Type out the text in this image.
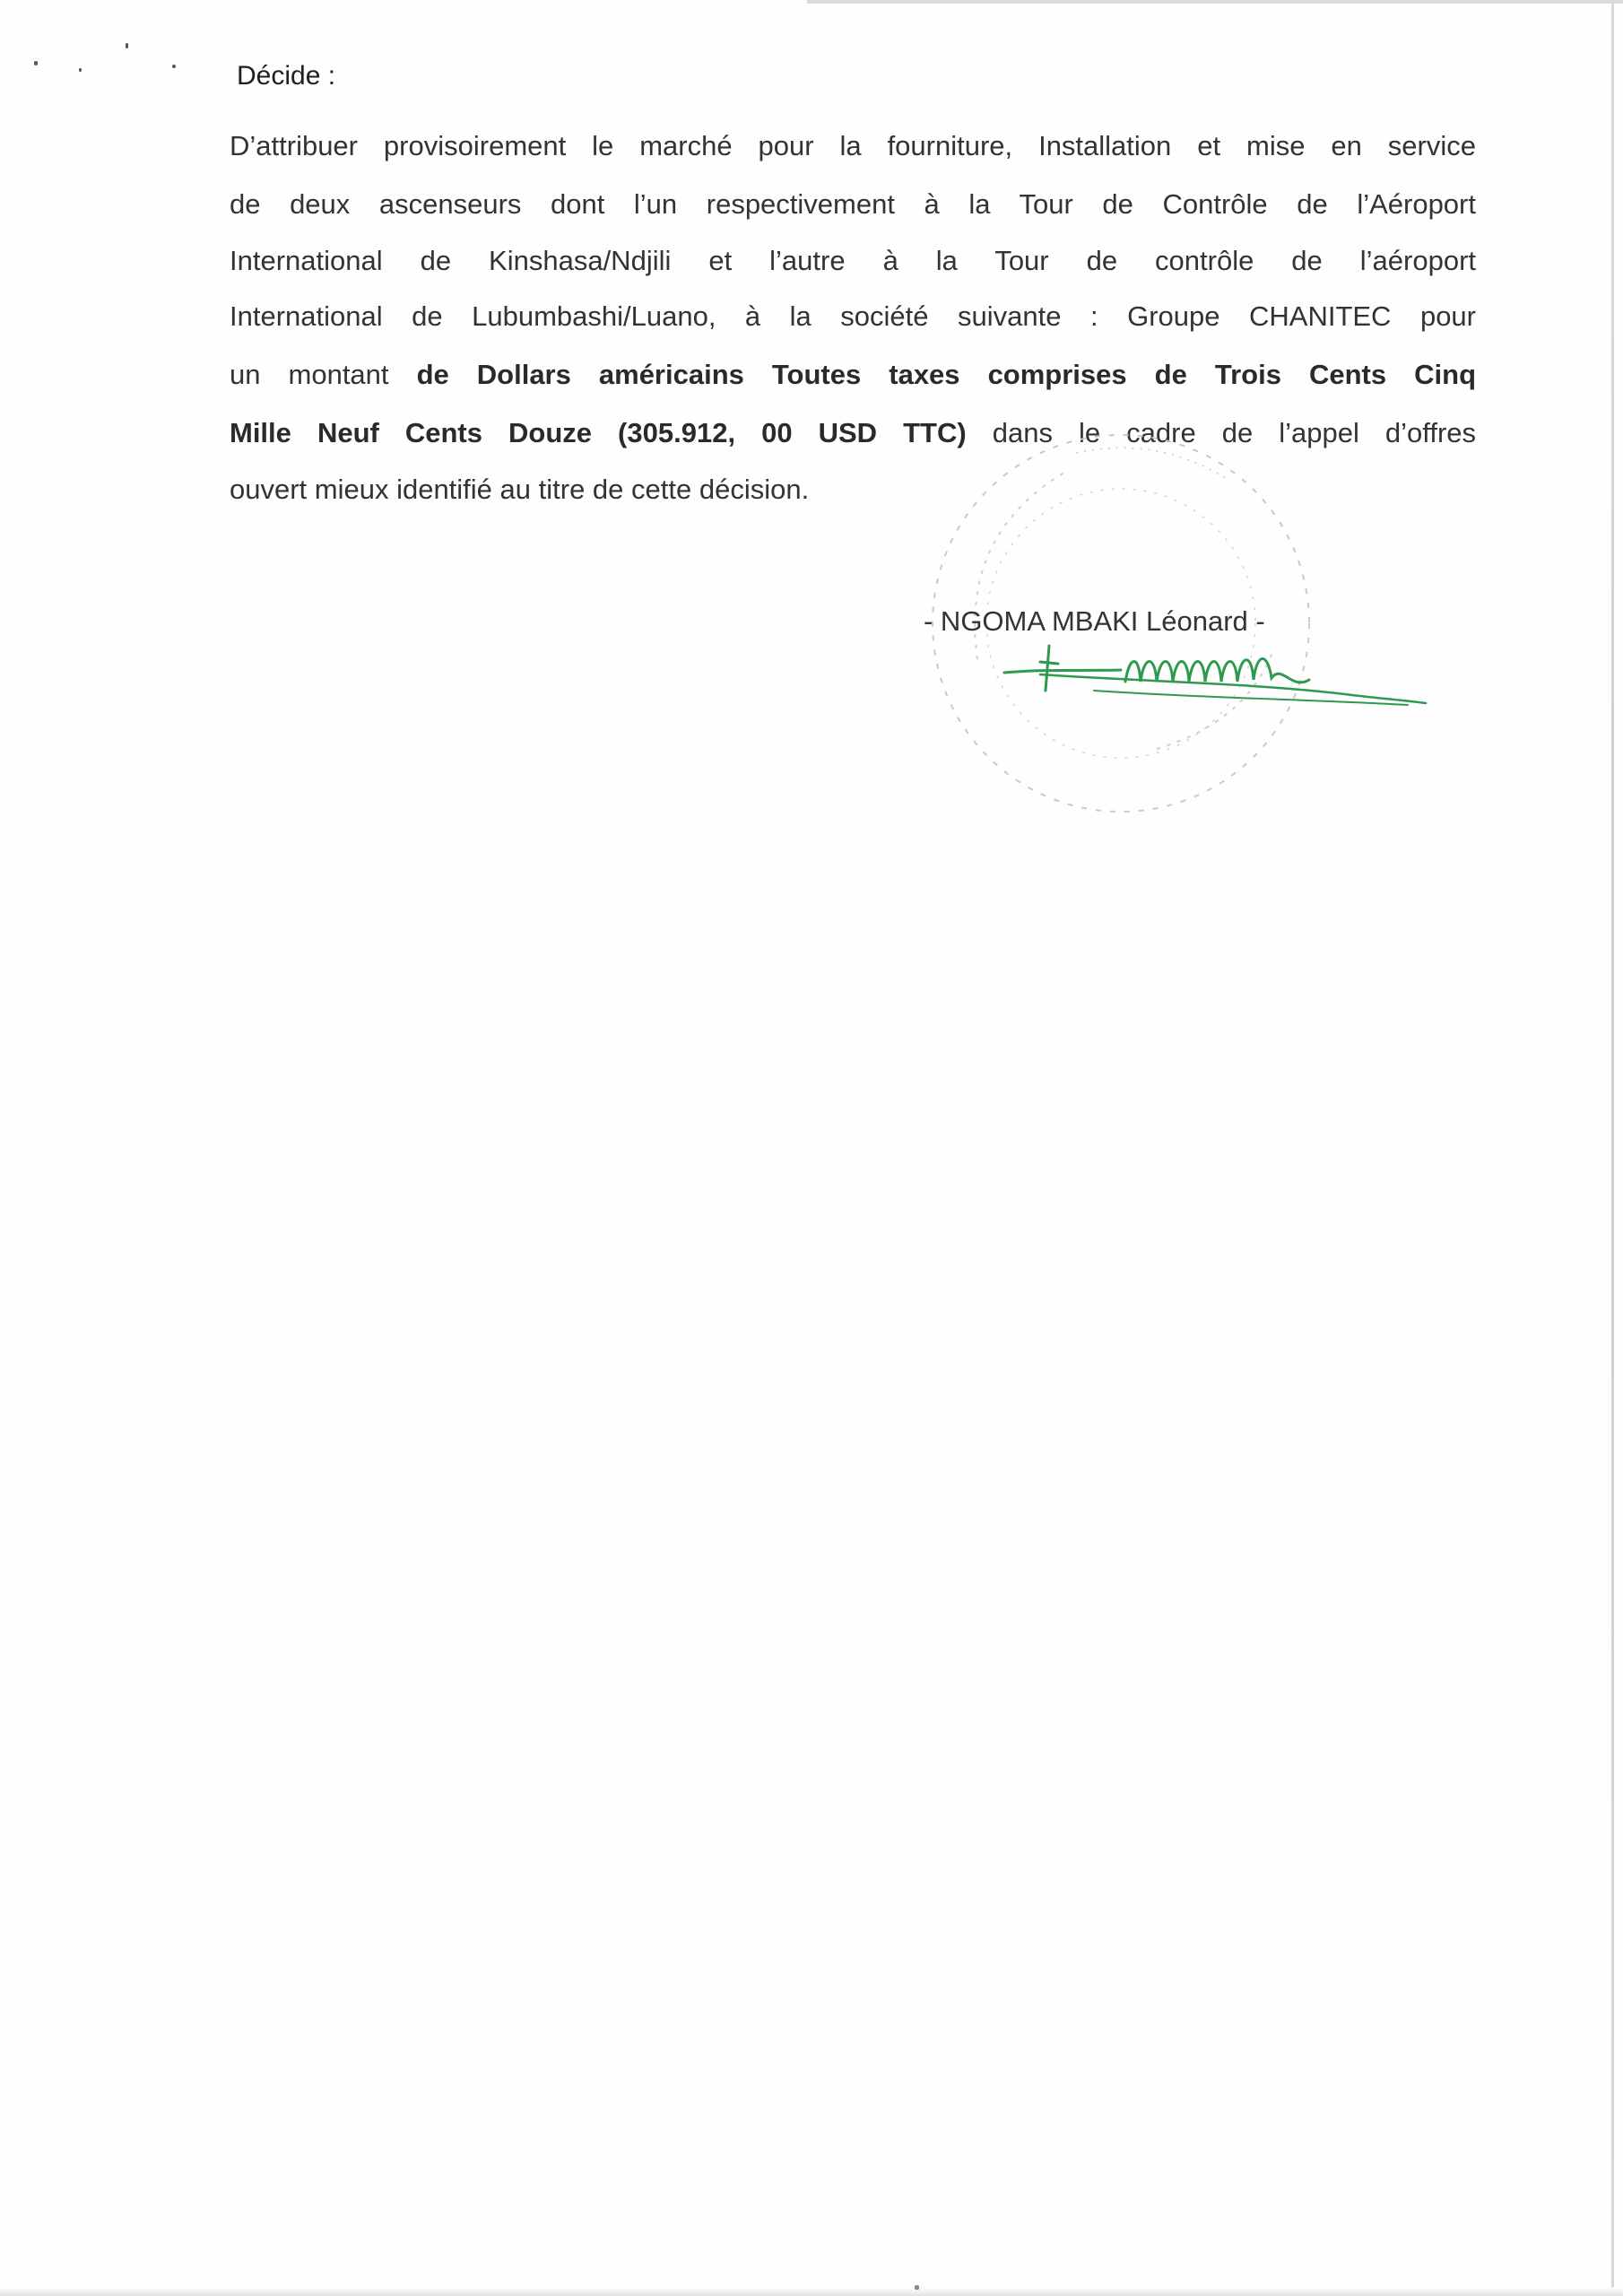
Décide :
D’attribuer provisoirement le marché pour la fourniture, Installation et mise en service
de deux ascenseurs dont l’un respectivement à la Tour de Contrôle de l’Aéroport
International de Kinshasa/Ndjili et l’autre à la Tour de contrôle de l’aéroport
International de Lubumbashi/Luano, à la société suivante : Groupe CHANITEC pour
un montant de Dollars américains Toutes taxes comprises de Trois Cents Cinq
Mille Neuf Cents Douze (305.912, 00 USD TTC) dans le cadre de l’appel d’offres
ouvert mieux identifié au titre de cette décision.
- NGOMA MBAKI Léonard -
